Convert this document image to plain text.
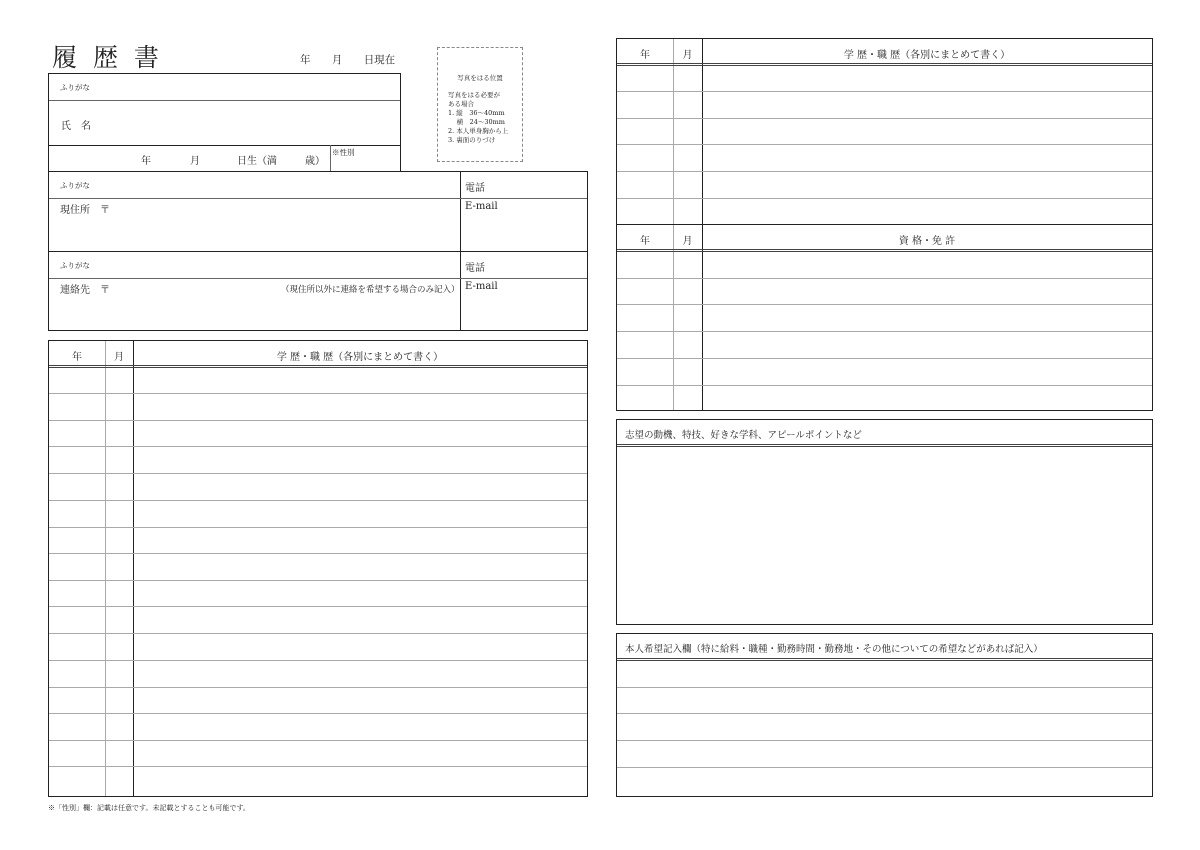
履 歴 書	年 月 日現在
写真をはる位置
写真をはる必要が
ある場合
1. 縦　36～40mm
　 横　24～30mm
2. 本人単身胸から上
3. 裏面のりづけ
ふりがな
氏　名
年	月	日生（満	歳）
※性別
ふりがな	電話
現住所　〒	E-mail
ふりがな	電話
連絡先　〒	（現住所以外に連絡を希望する場合のみ記入） E-mail
年	月	学 歴・職 歴（各別にまとめて書く）
※「性別」欄：記載は任意です。未記載とすることも可能です。
年	月	学 歴・職 歴（各別にまとめて書く）
年	月	資 格・免 許
志望の動機、特技、好きな学科、アピールポイントなど
本人希望記入欄（特に給料・職種・勤務時間・勤務地・その他についての希望などがあれば記入）
